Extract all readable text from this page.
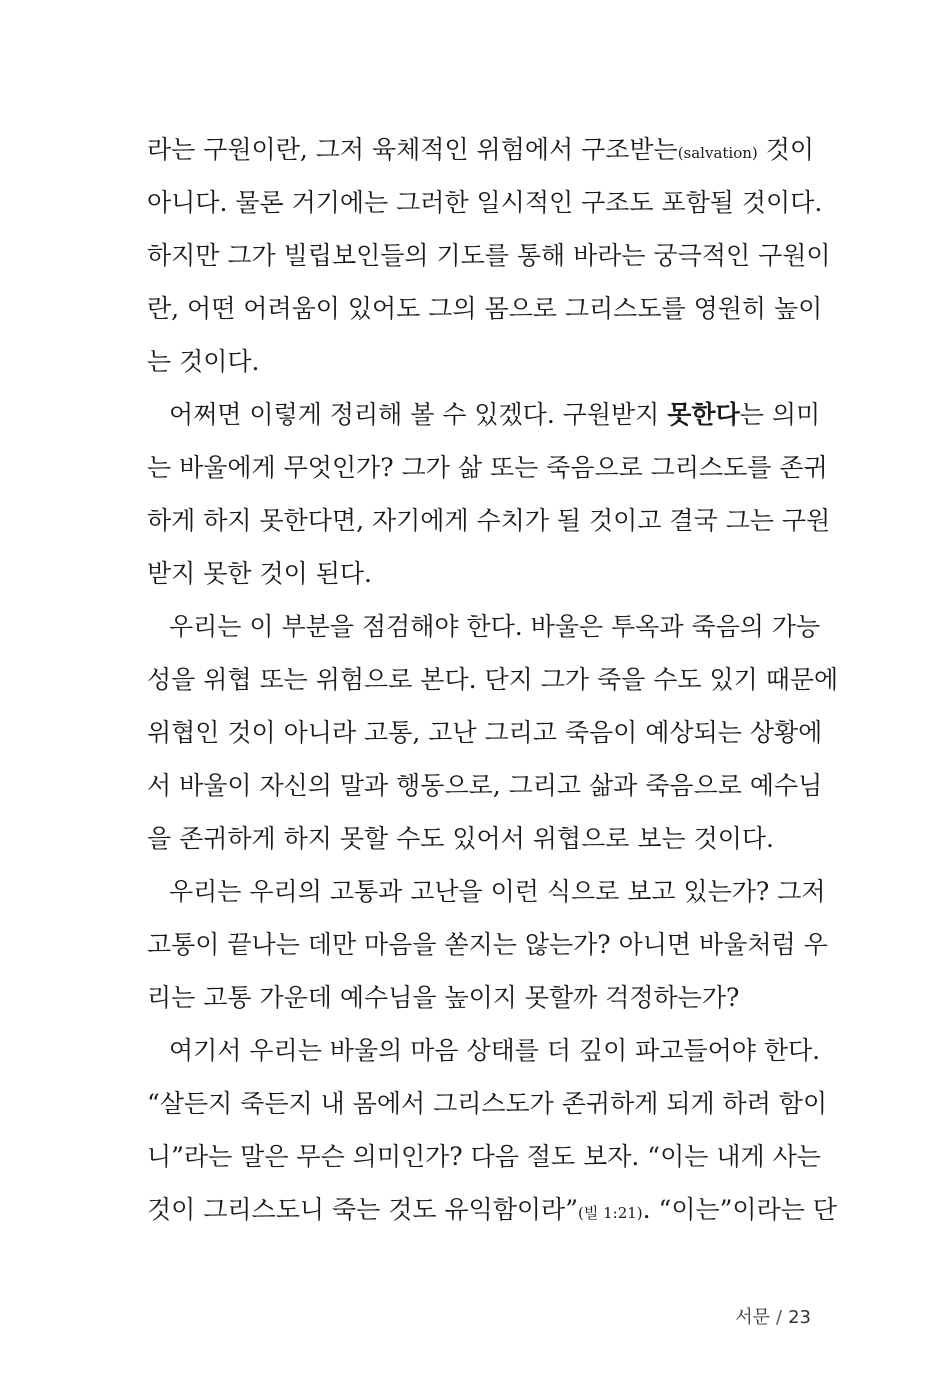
라는 구원이란, 그저 육체적인 위험에서 구조받는(salvation) 것이
아니다. 물론 거기에는 그러한 일시적인 구조도 포함될 것이다.
하지만 그가 빌립보인들의 기도를 통해 바라는 궁극적인 구원이
란, 어떤 어려움이 있어도 그의 몸으로 그리스도를 영원히 높이
는 것이다.
어쩌면 이렇게 정리해 볼 수 있겠다. 구원받지 못한다는 의미
는 바울에게 무엇인가? 그가 삶 또는 죽음으로 그리스도를 존귀
하게 하지 못한다면, 자기에게 수치가 될 것이고 결국 그는 구원
받지 못한 것이 된다.
우리는 이 부분을 점검해야 한다. 바울은 투옥과 죽음의 가능
성을 위협 또는 위험으로 본다. 단지 그가 죽을 수도 있기 때문에
위협인 것이 아니라 고통, 고난 그리고 죽음이 예상되는 상황에
서 바울이 자신의 말과 행동으로, 그리고 삶과 죽음으로 예수님
을 존귀하게 하지 못할 수도 있어서 위협으로 보는 것이다.
우리는 우리의 고통과 고난을 이런 식으로 보고 있는가? 그저
고통이 끝나는 데만 마음을 쏟지는 않는가? 아니면 바울처럼 우
리는 고통 가운데 예수님을 높이지 못할까 걱정하는가?
여기서 우리는 바울의 마음 상태를 더 깊이 파고들어야 한다.
“살든지 죽든지 내 몸에서 그리스도가 존귀하게 되게 하려 함이
니”라는 말은 무슨 의미인가? 다음 절도 보자. “이는 내게 사는
것이 그리스도니 죽는 것도 유익함이라”(빌 1:21). “이는”이라는 단
서문 / 23
